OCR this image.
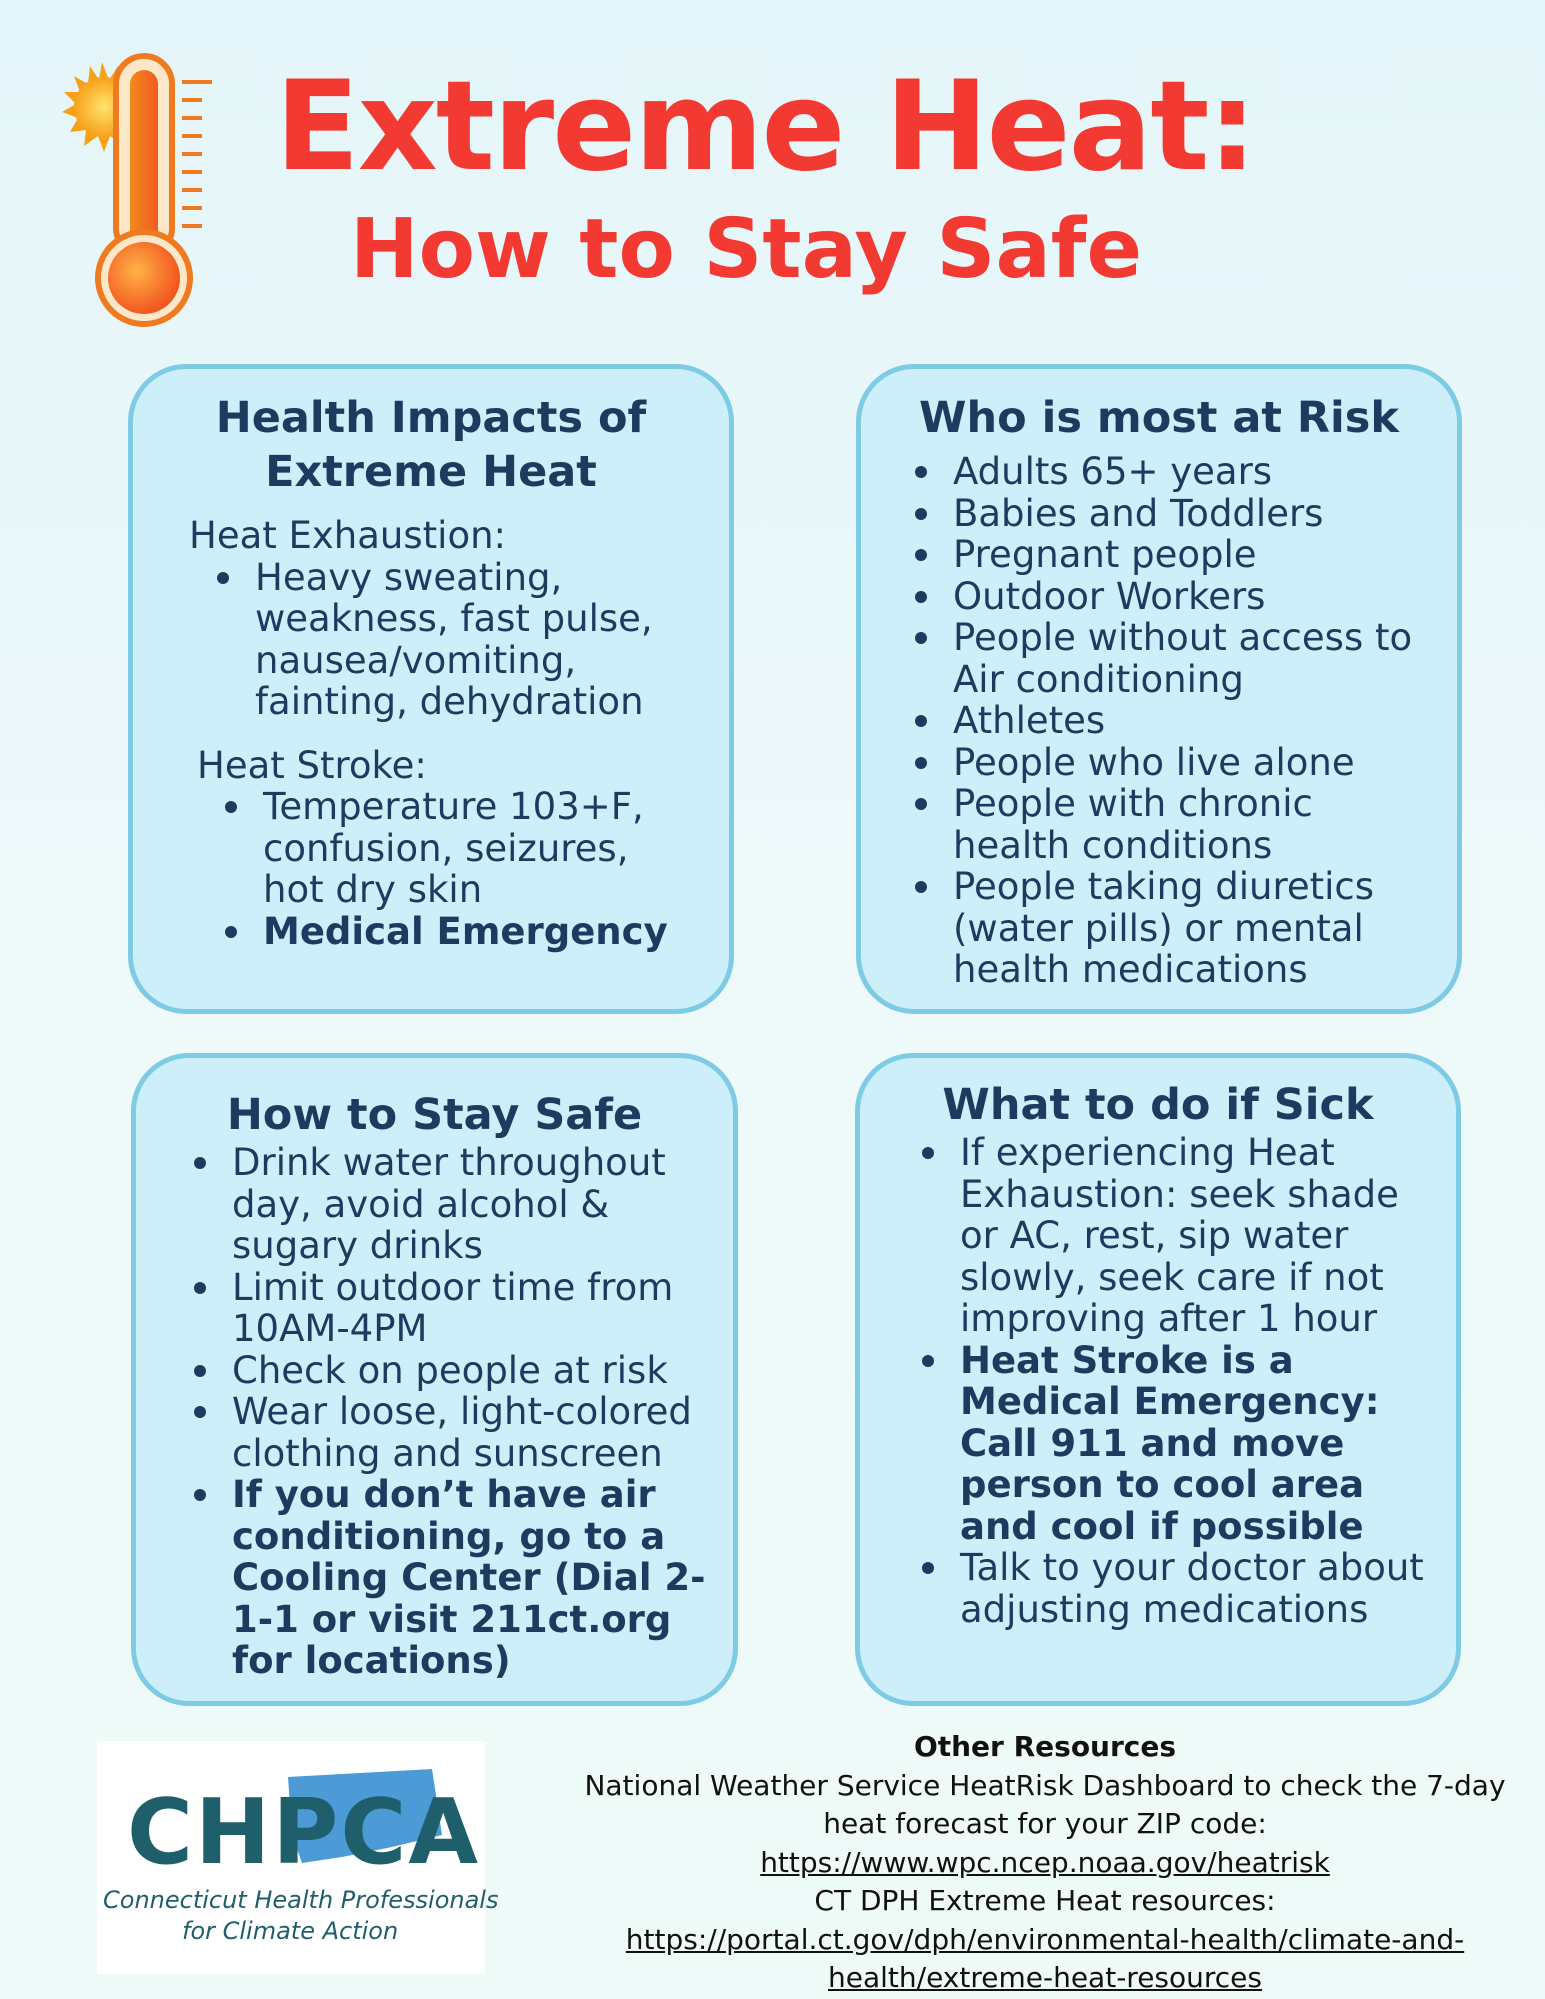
Extreme Heat:
How to Stay Safe
Health Impacts of
Extreme Heat
Heat Exhaustion:
Heavy sweating, weakness, fast pulse, nausea/vomiting, fainting, dehydration
Heat Stroke:
Temperature 103+F, confusion, seizures, hot dry skin
Medical Emergency
Who is most at Risk
Adults 65+ years
Babies and Toddlers
Pregnant people
Outdoor Workers
People without access to Air conditioning
Athletes
People who live alone
People with chronic health conditions
People taking diuretics (water pills) or mental health medications
How to Stay Safe
Drink water throughout day, avoid alcohol & sugary drinks
Limit outdoor time from 10AM-4PM
Check on people at risk
Wear loose, light-colored clothing and sunscreen
If you don’t have air conditioning, go to a Cooling Center (Dial 2-1-1 or visit 211ct.org for locations)
What to do if Sick
If experiencing Heat Exhaustion: seek shade or AC, rest, sip water slowly, seek care if not improving after 1 hour
Heat Stroke is a Medical Emergency: Call 911 and move person to cool area and cool if possible
Talk to your doctor about adjusting medications
CHPCA
Connecticut Health Professionals
for Climate Action
Other Resources
National Weather Service HeatRisk Dashboard to check the 7-day
heat forecast for your ZIP code:
https://www.wpc.ncep.noaa.gov/heatrisk
CT DPH Extreme Heat resources:
https://portal.ct.gov/dph/environmental-health/climate-and-
health/extreme-heat-resources
